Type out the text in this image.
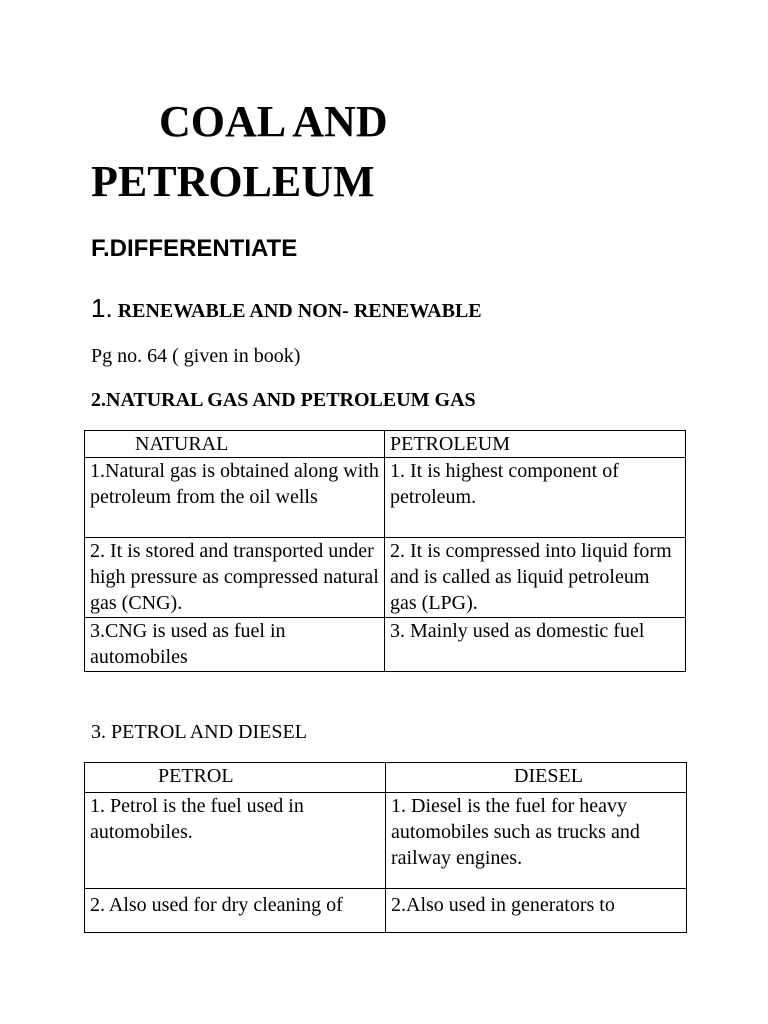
COAL AND
PETROLEUM
F.DIFFERENTIATE
1. RENEWABLE AND NON- RENEWABLE
Pg no. 64 ( given in book)
2.NATURAL GAS AND PETROLEUM GAS
NATURAL	PETROLEUM
1.Natural gas is obtained along with petroleum from the oil wells	1. It is highest component of petroleum.
2. It is stored and transported under high pressure as compressed natural gas (CNG).	2. It is compressed into liquid form and is called as liquid petroleum gas (LPG).
3.CNG is used as fuel in automobiles	3. Mainly used as domestic fuel
3. PETROL AND DIESEL
PETROL	DIESEL
1. Petrol is the fuel used in automobiles.	1. Diesel is the fuel for heavy automobiles such as trucks and railway engines.
2. Also used for dry cleaning of	2.Also used in generators to
